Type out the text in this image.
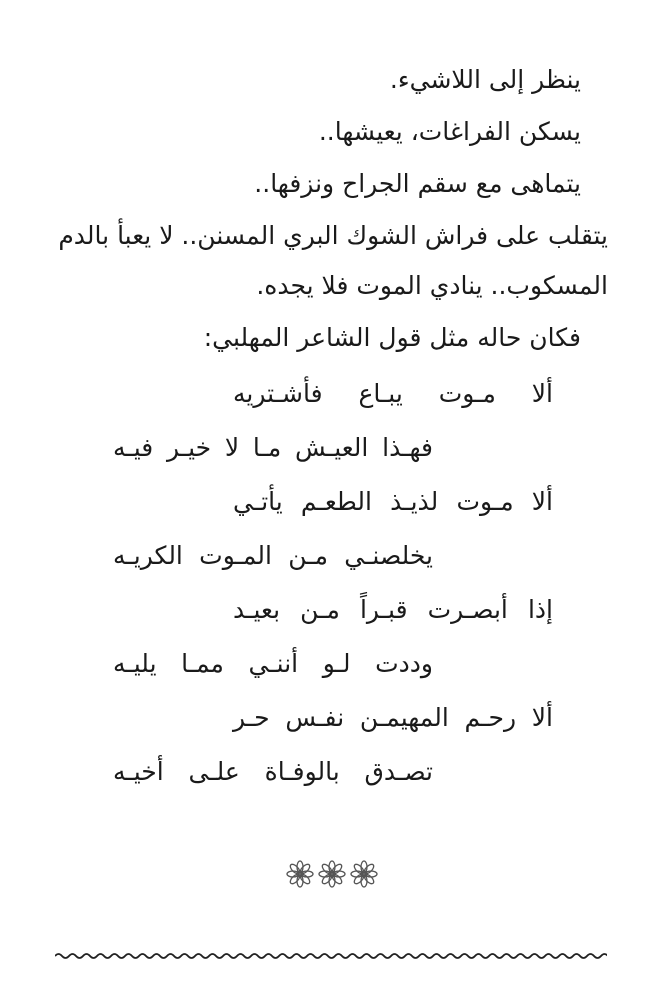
ينظر إلى اللاشيء.
يسكن الفراغات، يعيشها..
يتماهى مع سقم الجراح ونزفها..
يتقلب على فراش الشوك البري المسنن.. لا يعبأ بالدم
المسكوب.. ينادي الموت فلا يجده.
فكان حاله مثل قول الشاعر المهلبي:
ألا
مـوت
يبـاع
فأشـتريه
فهـذا
العيـش
مـا
لا
خيـر
فيـه
ألا
مـوت
لذيـذ
الطعـم
يأتـي
يخلصنـي
مـن
المـوت
الكريـه
إذا
أبصـرت
قبـراً
مـن
بعيـد
وددت
لـو
أننـي
ممـا
يليـه
ألا
رحـم
المهيمـن
نفـس
حـر
تصـدق
بالوفـاة
علـى
أخيـه
